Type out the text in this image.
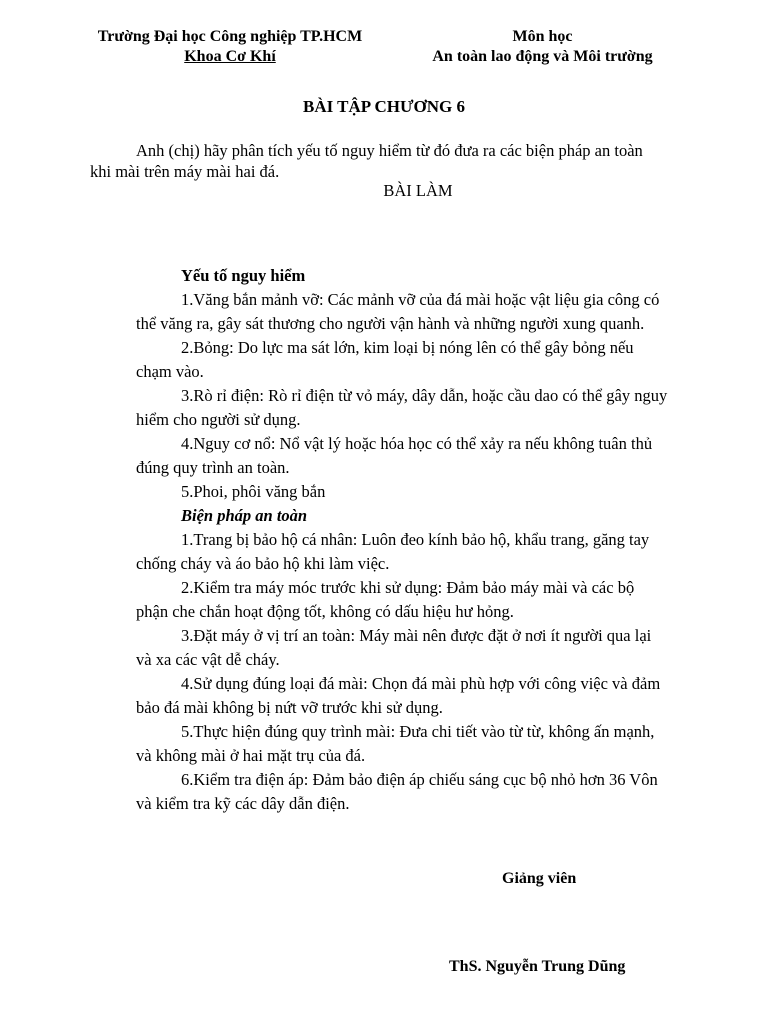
Trường Đại học Công nghiệp TP.HCM
Khoa Cơ Khí
Môn học
An toàn lao động và Môi trường
BÀI TẬP CHƯƠNG 6
Anh (chị) hãy phân tích yếu tố nguy hiểm từ đó đưa ra các biện pháp an toàn
khi mài trên máy mài hai đá.
BÀI LÀM
Yếu tố nguy hiểm
1.Văng bắn mảnh vỡ: Các mảnh vỡ của đá mài hoặc vật liệu gia công có
thể văng ra, gây sát thương cho người vận hành và những người xung quanh.
2.Bỏng: Do lực ma sát lớn, kim loại bị nóng lên có thể gây bỏng nếu
chạm vào.
3.Rò rỉ điện: Rò rỉ điện từ vỏ máy, dây dẫn, hoặc cầu dao có thể gây nguy
hiểm cho người sử dụng.
4.Nguy cơ nổ: Nổ vật lý hoặc hóa học có thể xảy ra nếu không tuân thủ
đúng quy trình an toàn.
5.Phoi, phôi văng bắn
Biện pháp an toàn
1.Trang bị bảo hộ cá nhân: Luôn đeo kính bảo hộ, khẩu trang, găng tay
chống cháy và áo bảo hộ khi làm việc.
2.Kiểm tra máy móc trước khi sử dụng: Đảm bảo máy mài và các bộ
phận che chắn hoạt động tốt, không có dấu hiệu hư hỏng.
3.Đặt máy ở vị trí an toàn: Máy mài nên được đặt ở nơi ít người qua lại
và xa các vật dễ cháy.
4.Sử dụng đúng loại đá mài: Chọn đá mài phù hợp với công việc và đảm
bảo đá mài không bị nứt vỡ trước khi sử dụng.
5.Thực hiện đúng quy trình mài: Đưa chi tiết vào từ từ, không ấn mạnh,
và không mài ở hai mặt trụ của đá.
6.Kiểm tra điện áp: Đảm bảo điện áp chiếu sáng cục bộ nhỏ hơn 36 Vôn
và kiểm tra kỹ các dây dẫn điện.
Giảng viên
ThS. Nguyễn Trung Dũng
